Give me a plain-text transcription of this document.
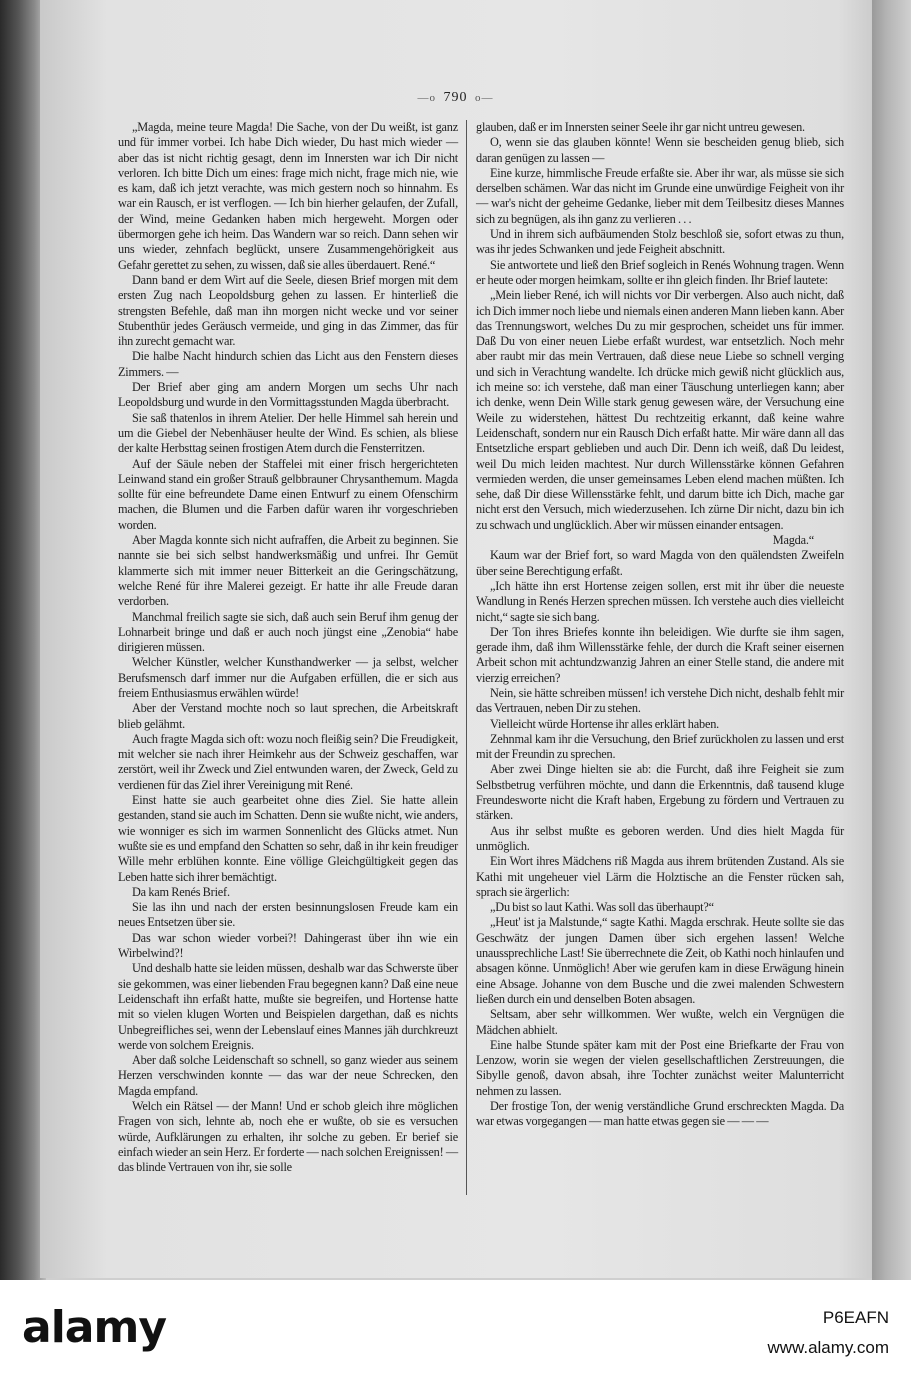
—o  790  o—

„Magda, meine teure Magda! Die Sache, von der Du weißt, ist ganz und für immer vorbei. Ich habe Dich wieder, Du hast mich wieder — aber das ist nicht richtig gesagt, denn im Innersten war ich Dir nicht verloren. Ich bitte Dich um eines: frage mich nicht, frage mich nie, wie es kam, daß ich jetzt verachte, was mich gestern noch so hinnahm. Es war ein Rausch, er ist verflogen. — Ich bin hierher gelaufen, der Zufall, der Wind, meine Gedanken haben mich hergeweht. Morgen oder übermorgen gehe ich heim. Das Wandern war so reich. Dann sehen wir uns wieder, zehnfach beglückt, unsere Zusammengehörigkeit aus Gefahr gerettet zu sehen, zu wissen, daß sie alles überdauert. René.“

Dann band er dem Wirt auf die Seele, diesen Brief morgen mit dem ersten Zug nach Leopoldsburg gehen zu lassen. Er hinterließ die strengsten Befehle, daß man ihn morgen nicht wecke und vor seiner Stubenthür jedes Geräusch vermeide, und ging in das Zimmer, das für ihn zurecht gemacht war.

Die halbe Nacht hindurch schien das Licht aus den Fenstern dieses Zimmers. —

Der Brief aber ging am andern Morgen um sechs Uhr nach Leopoldsburg und wurde in den Vormittagsstunden Magda überbracht.

Sie saß thatenlos in ihrem Atelier. Der helle Himmel sah herein und um die Giebel der Nebenhäuser heulte der Wind. Es schien, als bliese der kalte Herbsttag seinen frostigen Atem durch die Fensterritzen.

Auf der Säule neben der Staffelei mit einer frisch hergerichteten Leinwand stand ein großer Strauß gelbbrauner Chrysanthemum. Magda sollte für eine befreundete Dame einen Entwurf zu einem Ofenschirm machen, die Blumen und die Farben dafür waren ihr vorgeschrieben worden.

Aber Magda konnte sich nicht aufraffen, die Arbeit zu beginnen. Sie nannte sie bei sich selbst handwerksmäßig und unfrei. Ihr Gemüt klammerte sich mit immer neuer Bitterkeit an die Geringschätzung, welche René für ihre Malerei gezeigt. Er hatte ihr alle Freude daran verdorben.

Manchmal freilich sagte sie sich, daß auch sein Beruf ihm genug der Lohnarbeit bringe und daß er auch noch jüngst eine „Zenobia“ habe dirigieren müssen.

Welcher Künstler, welcher Kunsthandwerker — ja selbst, welcher Berufsmensch darf immer nur die Aufgaben erfüllen, die er sich aus freiem Enthusiasmus erwählen würde!

Aber der Verstand mochte noch so laut sprechen, die Arbeitskraft blieb gelähmt.

Auch fragte Magda sich oft: wozu noch fleißig sein? Die Freudigkeit, mit welcher sie nach ihrer Heimkehr aus der Schweiz geschaffen, war zerstört, weil ihr Zweck und Ziel entwunden waren, der Zweck, Geld zu verdienen für das Ziel ihrer Vereinigung mit René.

Einst hatte sie auch gearbeitet ohne dies Ziel. Sie hatte allein gestanden, stand sie auch im Schatten. Denn sie wußte nicht, wie anders, wie wonniger es sich im warmen Sonnenlicht des Glücks atmet. Nun wußte sie es und empfand den Schatten so sehr, daß in ihr kein freudiger Wille mehr erblühen konnte. Eine völlige Gleichgültigkeit gegen das Leben hatte sich ihrer bemächtigt.

Da kam Renés Brief.

Sie las ihn und nach der ersten besinnungslosen Freude kam ein neues Entsetzen über sie.

Das war schon wieder vorbei?! Dahingerast über ihn wie ein Wirbelwind?!

Und deshalb hatte sie leiden müssen, deshalb war das Schwerste über sie gekommen, was einer liebenden Frau begegnen kann? Daß eine neue Leidenschaft ihn erfaßt hatte, mußte sie begreifen, und Hortense hatte mit so vielen klugen Worten und Beispielen dargethan, daß es nichts Unbegreifliches sei, wenn der Lebenslauf eines Mannes jäh durchkreuzt werde von solchem Ereignis.

Aber daß solche Leidenschaft so schnell, so ganz wieder aus seinem Herzen verschwinden konnte — das war der neue Schrecken, den Magda empfand.

Welch ein Rätsel — der Mann! Und er schob gleich ihre möglichen Fragen von sich, lehnte ab, noch ehe er wußte, ob sie es versuchen würde, Aufklärungen zu erhalten, ihr solche zu geben. Er berief sie einfach wieder an sein Herz. Er forderte — nach solchen Ereignissen! — das blinde Vertrauen von ihr, sie solle

glauben, daß er im Innersten seiner Seele ihr gar nicht untreu gewesen.

O, wenn sie das glauben könnte! Wenn sie bescheiden genug blieb, sich daran genügen zu lassen —

Eine kurze, himmlische Freude erfaßte sie. Aber ihr war, als müsse sie sich derselben schämen. War das nicht im Grunde eine unwürdige Feigheit von ihr — war's nicht der geheime Gedanke, lieber mit dem Teilbesitz dieses Mannes sich zu begnügen, als ihn ganz zu verlieren . . .

Und in ihrem sich aufbäumenden Stolz beschloß sie, sofort etwas zu thun, was ihr jedes Schwanken und jede Feigheit abschnitt.

Sie antwortete und ließ den Brief sogleich in Renés Wohnung tragen. Wenn er heute oder morgen heimkam, sollte er ihn gleich finden. Ihr Brief lautete:

„Mein lieber René, ich will nichts vor Dir verbergen. Also auch nicht, daß ich Dich immer noch liebe und niemals einen anderen Mann lieben kann. Aber das Trennungswort, welches Du zu mir gesprochen, scheidet uns für immer. Daß Du von einer neuen Liebe erfaßt wurdest, war entsetzlich. Noch mehr aber raubt mir das mein Vertrauen, daß diese neue Liebe so schnell verging und sich in Verachtung wandelte. Ich drücke mich gewiß nicht glücklich aus, ich meine so: ich verstehe, daß man einer Täuschung unterliegen kann; aber ich denke, wenn Dein Wille stark genug gewesen wäre, der Versuchung eine Weile zu widerstehen, hättest Du rechtzeitig erkannt, daß keine wahre Leidenschaft, sondern nur ein Rausch Dich erfaßt hatte. Mir wäre dann all das Entsetzliche erspart geblieben und auch Dir. Denn ich weiß, daß Du leidest, weil Du mich leiden machtest. Nur durch Willensstärke können Gefahren vermieden werden, die unser gemeinsames Leben elend machen müßten. Ich sehe, daß Dir diese Willensstärke fehlt, und darum bitte ich Dich, mache gar nicht erst den Versuch, mich wiederzusehen. Ich zürne Dir nicht, dazu bin ich zu schwach und unglücklich. Aber wir müssen einander entsagen.

Magda.“

Kaum war der Brief fort, so ward Magda von den quälendsten Zweifeln über seine Berechtigung erfaßt.

„Ich hätte ihn erst Hortense zeigen sollen, erst mit ihr über die neueste Wandlung in Renés Herzen sprechen müssen. Ich verstehe auch dies vielleicht nicht,“ sagte sie sich bang.

Der Ton ihres Briefes konnte ihn beleidigen. Wie durfte sie ihm sagen, gerade ihm, daß ihm Willensstärke fehle, der durch die Kraft seiner eisernen Arbeit schon mit achtundzwanzig Jahren an einer Stelle stand, die andere mit vierzig erreichen?

Nein, sie hätte schreiben müssen! ich verstehe Dich nicht, deshalb fehlt mir das Vertrauen, neben Dir zu stehen.

Vielleicht würde Hortense ihr alles erklärt haben.

Zehnmal kam ihr die Versuchung, den Brief zurückholen zu lassen und erst mit der Freundin zu sprechen.

Aber zwei Dinge hielten sie ab: die Furcht, daß ihre Feigheit sie zum Selbstbetrug verführen möchte, und dann die Erkenntnis, daß tausend kluge Freundesworte nicht die Kraft haben, Ergebung zu fördern und Vertrauen zu stärken.

Aus ihr selbst mußte es geboren werden. Und dies hielt Magda für unmöglich.

Ein Wort ihres Mädchens riß Magda aus ihrem brütenden Zustand. Als sie Kathi mit ungeheuer viel Lärm die Holztische an die Fenster rücken sah, sprach sie ärgerlich:

„Du bist so laut Kathi. Was soll das überhaupt?“

„Heut' ist ja Malstunde,“ sagte Kathi. Magda erschrak. Heute sollte sie das Geschwätz der jungen Damen über sich ergehen lassen! Welche unaussprechliche Last! Sie überrechnete die Zeit, ob Kathi noch hinlaufen und absagen könne. Unmöglich! Aber wie gerufen kam in diese Erwägung hinein eine Absage. Johanne von dem Busche und die zwei malenden Schwestern ließen durch ein und denselben Boten absagen.

Seltsam, aber sehr willkommen. Wer wußte, welch ein Vergnügen die Mädchen abhielt.

Eine halbe Stunde später kam mit der Post eine Briefkarte der Frau von Lenzow, worin sie wegen der vielen gesellschaftlichen Zerstreuungen, die Sibylle genoß, davon absah, ihre Tochter zunächst weiter Malunterricht nehmen zu lassen.

Der frostige Ton, der wenig verständliche Grund erschreckten Magda. Da war etwas vorgegangen — man hatte etwas gegen sie — — —

alamy	P6EAFN
www.alamy.com
